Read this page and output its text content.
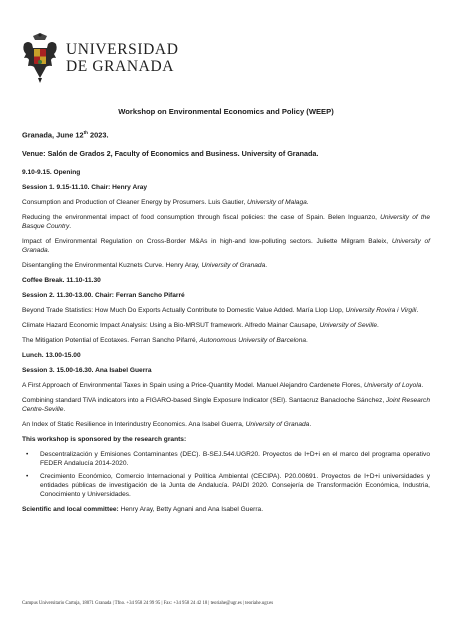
UNIVERSIDAD
DE GRANADA
Workshop on Environmental Economics and Policy (WEEP)
Granada, June 12th 2023.
Venue: Salón de Grados 2, Faculty of Economics and Business. University of Granada.
9.10-9.15. Opening
Session 1. 9.15-11.10. Chair: Henry Aray
Consumption and Production of Cleaner Energy by Prosumers. Luis Gautier, University of Malaga.
Reducing the environmental impact of food consumption through fiscal policies: the case of Spain. Belen Inguanzo, University of the Basque Country.
Impact of Environmental Regulation on Cross-Border M&As in high-and low-polluting sectors. Juliette Milgram Baleix, University of Granada.
Disentangling the Environmental Kuznets Curve. Henry Aray, University of Granada.
Coffee Break. 11.10-11.30
Session 2. 11.30-13.00. Chair: Ferran Sancho Pifarré
Beyond Trade Statistics: How Much Do Exports Actually Contribute to Domestic Value Added. María Llop Llop, University Rovira i Virgili.
Climate Hazard Economic Impact Analysis: Using a Bio-MRSUT framework. Alfredo Mainar Causape, University of Seville.
The Mitigation Potential of Ecotaxes. Ferran Sancho Pifarré, Autonomous University of Barcelona.
Lunch. 13.00-15.00
Session 3. 15.00-16.30. Ana Isabel Guerra
A First Approach of Environmental Taxes in Spain using a Price-Quantity Model. Manuel Alejandro Cardenete Flores, University of Loyola.
Combining standard TiVA indicators into a FIGARO-based Single Exposure Indicator (SEI). Santacruz Banacloche Sánchez, Joint Research Centre-Seville.
An Index of Static Resilience in Interindustry Economics. Ana Isabel Guerra, University of Granada.
This workshop is sponsored by the research grants:
• Descentralización y Emisiones Contaminantes (DEC). B-SEJ.544.UGR20. Proyectos de I+D+i en el marco del programa operativo FEDER Andalucía 2014-2020.
• Crecimiento Económico, Comercio Internacional y Política Ambiental (CECIPA). P20.00691. Proyectos de I+D+i universidades y entidades públicas de investigación de la Junta de Andalucía. PAIDI 2020. Consejería de Transformación Económica, Industria, Conocimiento y Universidades.
Scientific and local committee: Henry Aray, Betty Agnani and Ana Isabel Guerra.
Campus Universitario Cartuja, 18071 Granada | Tfno. +34 958 24 99 95 | Fax: +34 958 24 42 18 | teoriahe@ugr.es | teoriahe.ugr.es
